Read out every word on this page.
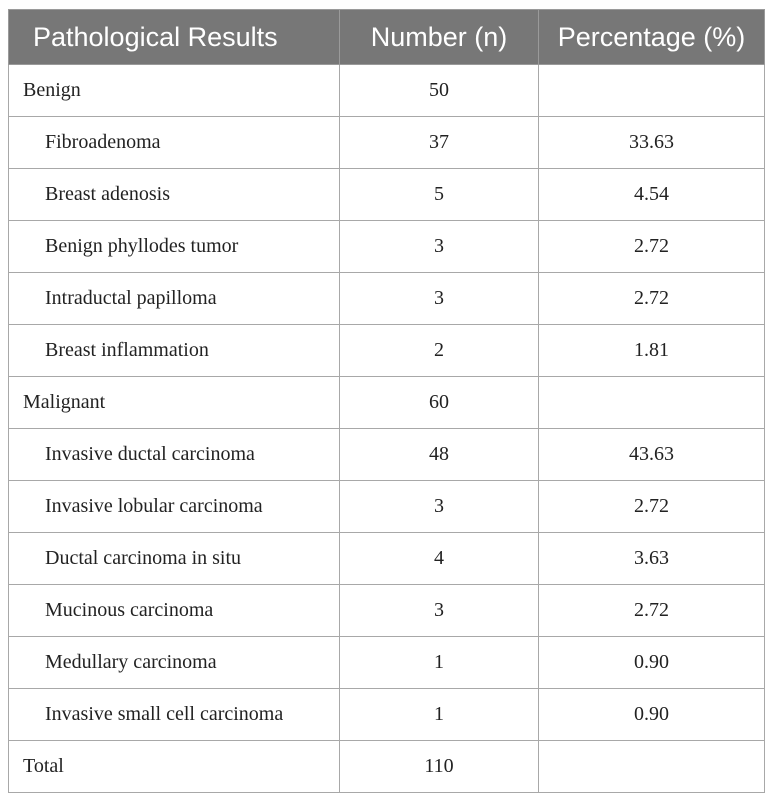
Pathological Results	Number (n)	Percentage (%)
Benign	50	
Fibroadenoma	37	33.63
Breast adenosis	5	4.54
Benign phyllodes tumor	3	2.72
Intraductal papilloma	3	2.72
Breast inflammation	2	1.81
Malignant	60	
Invasive ductal carcinoma	48	43.63
Invasive lobular carcinoma	3	2.72
Ductal carcinoma in situ	4	3.63
Mucinous carcinoma	3	2.72
Medullary carcinoma	1	0.90
Invasive small cell carcinoma	1	0.90
Total	110	
